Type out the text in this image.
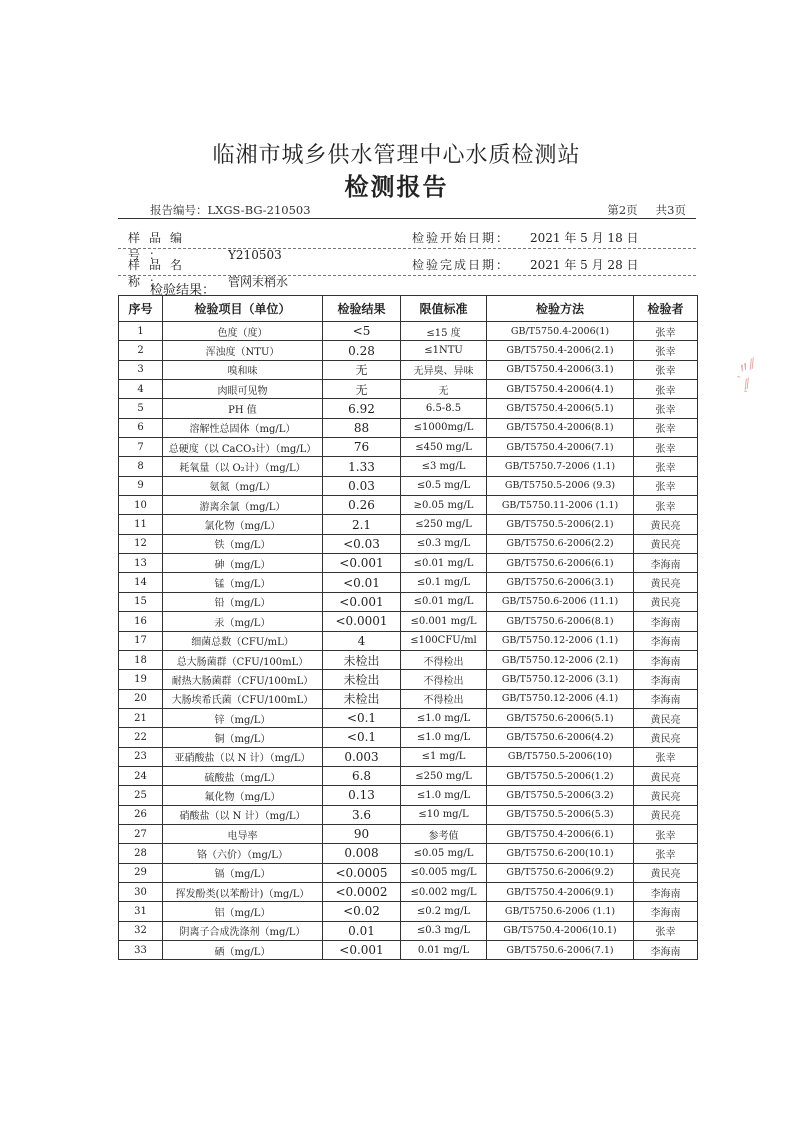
临湘市城乡供水管理中心水质检测站
检测报告
报告编号：LXGS-BG-210503	第2页 共3页
样品编号：	Y210503
检验开始日期： 2021 年 5 月 18 日
样品名称：	管网末梢水
检验完成日期： 2021 年 5 月 28 日
检验结果：
序号	检验项目（单位）	检验结果	限值标准	检验方法	检验者
1	色度（度）	<5	≤15 度	GB/T5750.4-2006(1)	张幸
2	浑浊度（NTU）	0.28	≤1NTU	GB/T5750.4-2006(2.1)	张幸
3	嗅和味	无	无异臭、异味	GB/T5750.4-2006(3.1)	张幸
4	肉眼可见物	无	无	GB/T5750.4-2006(4.1)	张幸
5	PH 值	6.92	6.5-8.5	GB/T5750.4-2006(5.1)	张幸
6	溶解性总固体（mg/L）	88	≤1000mg/L	GB/T5750.4-2006(8.1)	张幸
7	总硬度（以 CaCO₃计）（mg/L）	76	≤450 mg/L	GB/T5750.4-2006(7.1)	张幸
8	耗氧量（以 O₂计）（mg/L）	1.33	≤3 mg/L	GB/T5750.7-2006 (1.1)	张幸
9	氨氮（mg/L）	0.03	≤0.5 mg/L	GB/T5750.5-2006 (9.3)	张幸
10	游离余氯（mg/L）	0.26	≥0.05 mg/L	GB/T5750.11-2006 (1.1)	张幸
11	氯化物（mg/L）	2.1	≤250 mg/L	GB/T5750.5-2006(2.1)	黄民亮
12	铁（mg/L）	<0.03	≤0.3 mg/L	GB/T5750.6-2006(2.2)	黄民亮
13	砷（mg/L）	<0.001	≤0.01 mg/L	GB/T5750.6-2006(6.1)	李海南
14	锰（mg/L）	<0.01	≤0.1 mg/L	GB/T5750.6-2006(3.1)	黄民亮
15	铅（mg/L）	<0.001	≤0.01 mg/L	GB/T5750.6-2006 (11.1)	黄民亮
16	汞（mg/L）	<0.0001	≤0.001 mg/L	GB/T5750.6-2006(8.1)	李海南
17	细菌总数（CFU/mL）	4	≤100CFU/ml	GB/T5750.12-2006 (1.1)	李海南
18	总大肠菌群（CFU/100mL）	未检出	不得检出	GB/T5750.12-2006 (2.1)	李海南
19	耐热大肠菌群（CFU/100mL）	未检出	不得检出	GB/T5750.12-2006 (3.1)	李海南
20	大肠埃希氏菌（CFU/100mL）	未检出	不得检出	GB/T5750.12-2006 (4.1)	李海南
21	锌（mg/L）	<0.1	≤1.0 mg/L	GB/T5750.6-2006(5.1)	黄民亮
22	铜（mg/L）	<0.1	≤1.0 mg/L	GB/T5750.6-2006(4.2)	黄民亮
23	亚硝酸盐（以 N 计）（mg/L）	0.003	≤1 mg/L	GB/T5750.5-2006(10)	张幸
24	硫酸盐（mg/L）	6.8	≤250 mg/L	GB/T5750.5-2006(1.2)	黄民亮
25	氟化物（mg/L）	0.13	≤1.0 mg/L	GB/T5750.5-2006(3.2)	黄民亮
26	硝酸盐（以 N 计）（mg/L）	3.6	≤10 mg/L	GB/T5750.5-2006(5.3)	黄民亮
27	电导率	90	参考值	GB/T5750.4-2006(6.1)	张幸
28	铬（六价）（mg/L）	0.008	≤0.05 mg/L	GB/T5750.6-200(10.1)	张幸
29	镉（mg/L）	<0.0005	≤0.005 mg/L	GB/T5750.6-2006(9.2)	黄民亮
30	挥发酚类(以苯酚计)（mg/L）	<0.0002	≤0.002 mg/L	GB/T5750.4-2006(9.1)	李海南
31	铝（mg/L）	<0.02	≤0.2 mg/L	GB/T5750.6-2006 (1.1)	李海南
32	阴离子合成洗涤剂（mg/L）	0.01	≤0.3 mg/L	GB/T5750.4-2006(10.1)	张幸
33	硒（mg/L）	<0.001	0.01 mg/L	GB/T5750.6-2006(7.1)	李海南
ˎ〃⁄⁄
ˎ⁄⁄
